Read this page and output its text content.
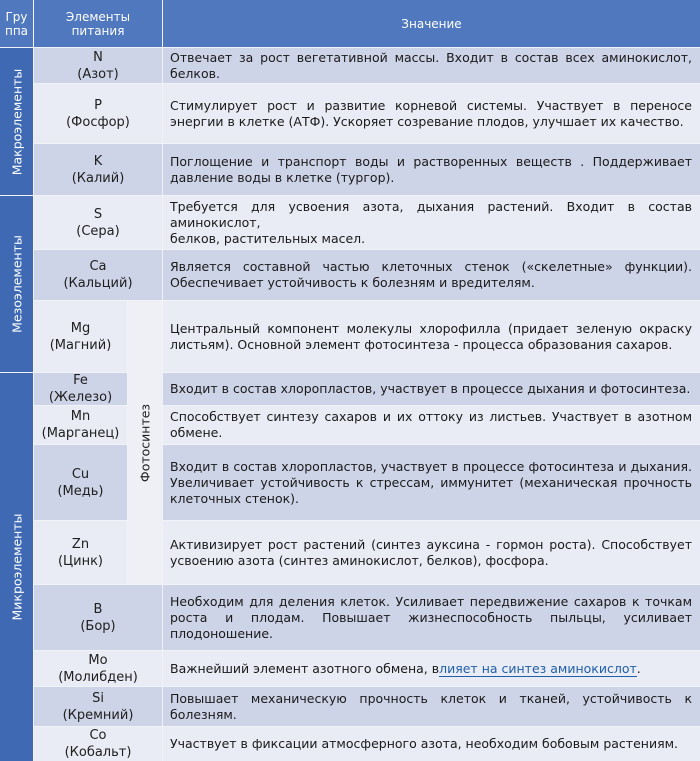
Гру ппа
Элементы питания	Значение
Макроэлементы
Мезоэлементы
Микроэлементы
N
(Азот)
P
(Фосфор)
K
(Калий)
S
(Сера)
Ca
(Кальций)
Mg
(Магний)
Fe
(Железо)
Mn
(Марганец)
Cu
(Медь)
Zn
(Цинк)
B
(Бор)
Mo
(Молибден)
Si
(Кремний)
Co
(Кобальт)
Фотосинтез
Отвечает за рост вегетативной массы. Входит в состав всех аминокислот, белков.
Стимулирует рост и развитие корневой системы. Участвует в переносе энергии в клетке (АТФ). Ускоряет созревание плодов, улучшает их качество.
Поглощение и транспорт воды и растворенных веществ . Поддерживает давление воды в клетке (тургор).
Требуется для усвоения азота, дыхания растений. Входит в состав аминокислот,
белков, растительных масел.
Является составной частью клеточных стенок («скелетные» функции). Обеспечивает устойчивость к болезням и вредителям.
Центральный компонент молекулы хлорофилла (придает зеленую окраску листьям). Основной элемент фотосинтеза - процесса образования сахаров.
Входит в состав хлоропластов, участвует в процессе дыхания и фотосинтеза.
Способствует синтезу сахаров и их оттоку из листьев. Участвует в азотном обмене.
Входит в состав хлоропластов, участвует в процессе фотосинтеза и дыхания. Увеличивает устойчивость к стрессам, иммунитет (механическая прочность клеточных стенок).
Активизирует рост растений (синтез ауксина - гормон роста). Способствует усвоению азота (синтез аминокислот, белков), фосфора.
Необходим для деления клеток. Усиливает передвижение сахаров к точкам роста и плодам. Повышает жизнеспособность пыльцы, усиливает плодоношение.
Важнейший элемент азотного обмена, влияет на синтез аминокислот.
Повышает механическую прочность клеток и тканей, устойчивость к болезням.
Участвует в фиксации атмосферного азота, необходим бобовым растениям.
